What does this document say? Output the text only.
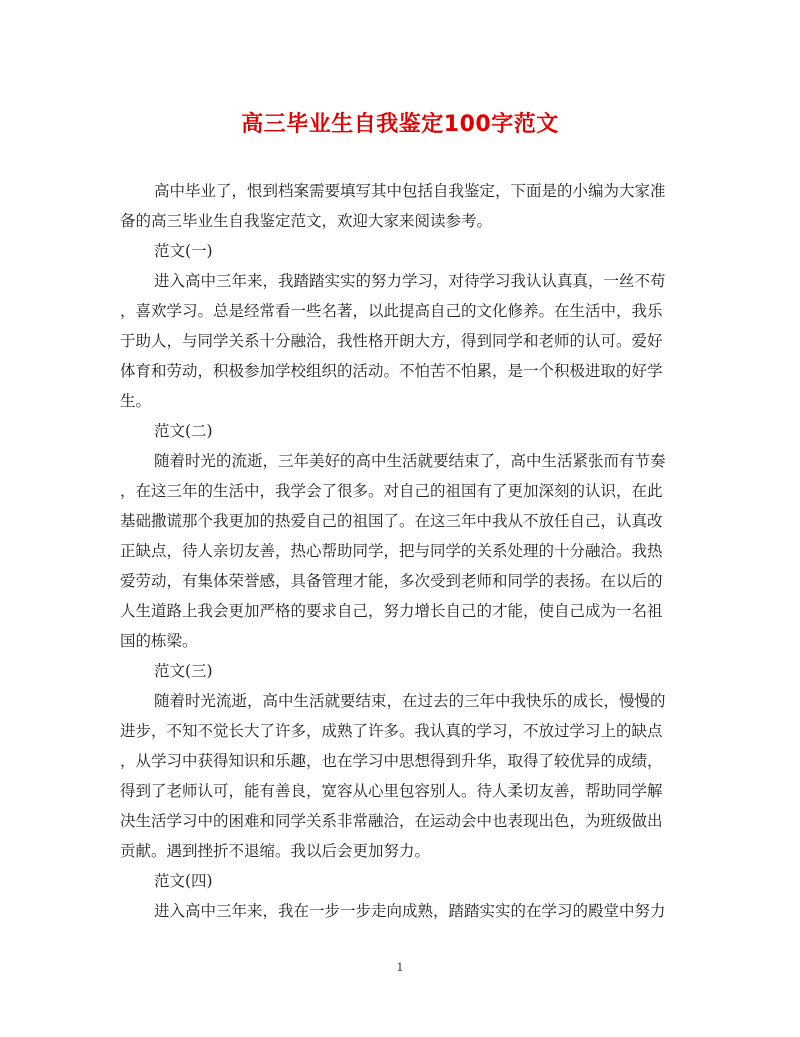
高三毕业生自我鉴定100字范文
高中毕业了，恨到档案需要填写其中包括自我鉴定，下面是的小编为大家准
备的高三毕业生自我鉴定范文，欢迎大家来阅读参考。
范文(一)
进入高中三年来，我踏踏实实的努力学习，对待学习我认认真真，一丝不苟
，喜欢学习。总是经常看一些名著，以此提高自己的文化修养。在生活中，我乐
于助人，与同学关系十分融洽，我性格开朗大方，得到同学和老师的认可。爱好
体育和劳动，积极参加学校组织的活动。不怕苦不怕累，是一个积极进取的好学
生。
范文(二)
随着时光的流逝，三年美好的高中生活就要结束了，高中生活紧张而有节奏
，在这三年的生活中，我学会了很多。对自己的祖国有了更加深刻的认识，在此
基础撒谎那个我更加的热爱自己的祖国了。在这三年中我从不放任自己，认真改
正缺点，待人亲切友善，热心帮助同学，把与同学的关系处理的十分融洽。我热
爱劳动，有集体荣誉感，具备管理才能，多次受到老师和同学的表扬。在以后的
人生道路上我会更加严格的要求自己，努力增长自己的才能，使自己成为一名祖
国的栋梁。
范文(三)
随着时光流逝，高中生活就要结束，在过去的三年中我快乐的成长，慢慢的
进步，不知不觉长大了许多，成熟了许多。我认真的学习，不放过学习上的缺点
，从学习中获得知识和乐趣，也在学习中思想得到升华，取得了较优异的成绩，
得到了老师认可，能有善良，宽容从心里包容别人。待人柔切友善，帮助同学解
决生活学习中的困难和同学关系非常融洽，在运动会中也表现出色，为班级做出
贡献。遇到挫折不退缩。我以后会更加努力。
范文(四)
进入高中三年来，我在一步一步走向成熟，踏踏实实的在学习的殿堂中努力
1
